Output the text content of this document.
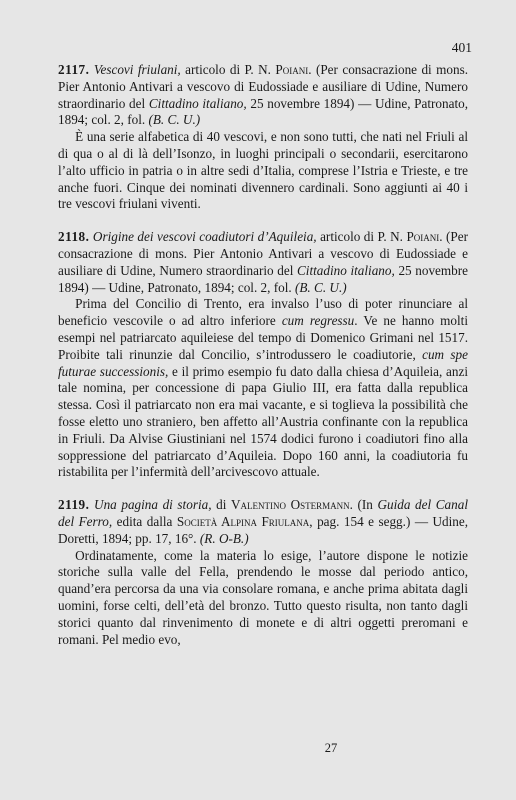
401

2117. Vescovi friulani, articolo di P. N. Poiani. (Per consacrazione di mons. Pier Antonio Antivari a vescovo di Eudossiade e ausiliare di Udine, Numero straordinario del Cittadino italiano, 25 novembre 1894) — Udine, Patronato, 1894; col. 2, fol. (B. C. U.)

È una serie alfabetica di 40 vescovi, e non sono tutti, che nati nel Friuli al di qua o al di là dell’Isonzo, in luoghi principali o secondarii, esercitarono l’alto ufficio in patria o in altre sedi d’Italia, comprese l’Istria e Trieste, e tre anche fuori. Cinque dei nominati divennero cardinali. Sono aggiunti ai 40 i tre vescovi friulani viventi.

2118. Origine dei vescovi coadiutori d’Aquileia, articolo di P. N. Poiani. (Per consacrazione di mons. Pier Antonio Antivari a vescovo di Eudossiade e ausiliare di Udine, Numero straordinario del Cittadino italiano, 25 novembre 1894) — Udine, Patronato, 1894; col. 2, fol. (B. C. U.)

Prima del Concilio di Trento, era invalso l’uso di poter rinunciare al beneficio vescovile o ad altro inferiore cum regressu. Ve ne hanno molti esempi nel patriarcato aquileiese del tempo di Domenico Grimani nel 1517. Proibite tali rinunzie dal Concilio, s’introdussero le coadiutorie, cum spe futurae successionis, e il primo esempio fu dato dalla chiesa d’Aquileia, anzi tale nomina, per concessione di papa Giulio III, era fatta dalla republica stessa. Così il patriarcato non era mai vacante, e si toglieva la possibilità che fosse eletto uno straniero, ben affetto all’Austria confinante con la republica in Friuli. Da Alvise Giustiniani nel 1574 dodici furono i coadiutori fino alla soppressione del patriarcato d’Aquileia. Dopo 160 anni, la coadiutoria fu ristabilita per l’infermità dell’arcivescovo attuale.

2119. Una pagina di storia, di Valentino Ostermann. (In Guida del Canal del Ferro, edita dalla Società Alpina Friulana, pag. 154 e segg.) — Udine, Doretti, 1894; pp. 17, 16°. (R. O-B.)

Ordinatamente, come la materia lo esige, l’autore dispone le notizie storiche sulla valle del Fella, prendendo le mosse dal periodo antico, quand’era percorsa da una via consolare romana, e anche prima abitata dagli uomini, forse celti, dell’età del bronzo. Tutto questo risulta, non tanto dagli storici quanto dal rinvenimento di monete e di altri oggetti preromani e romani. Pel medio evo,

27
